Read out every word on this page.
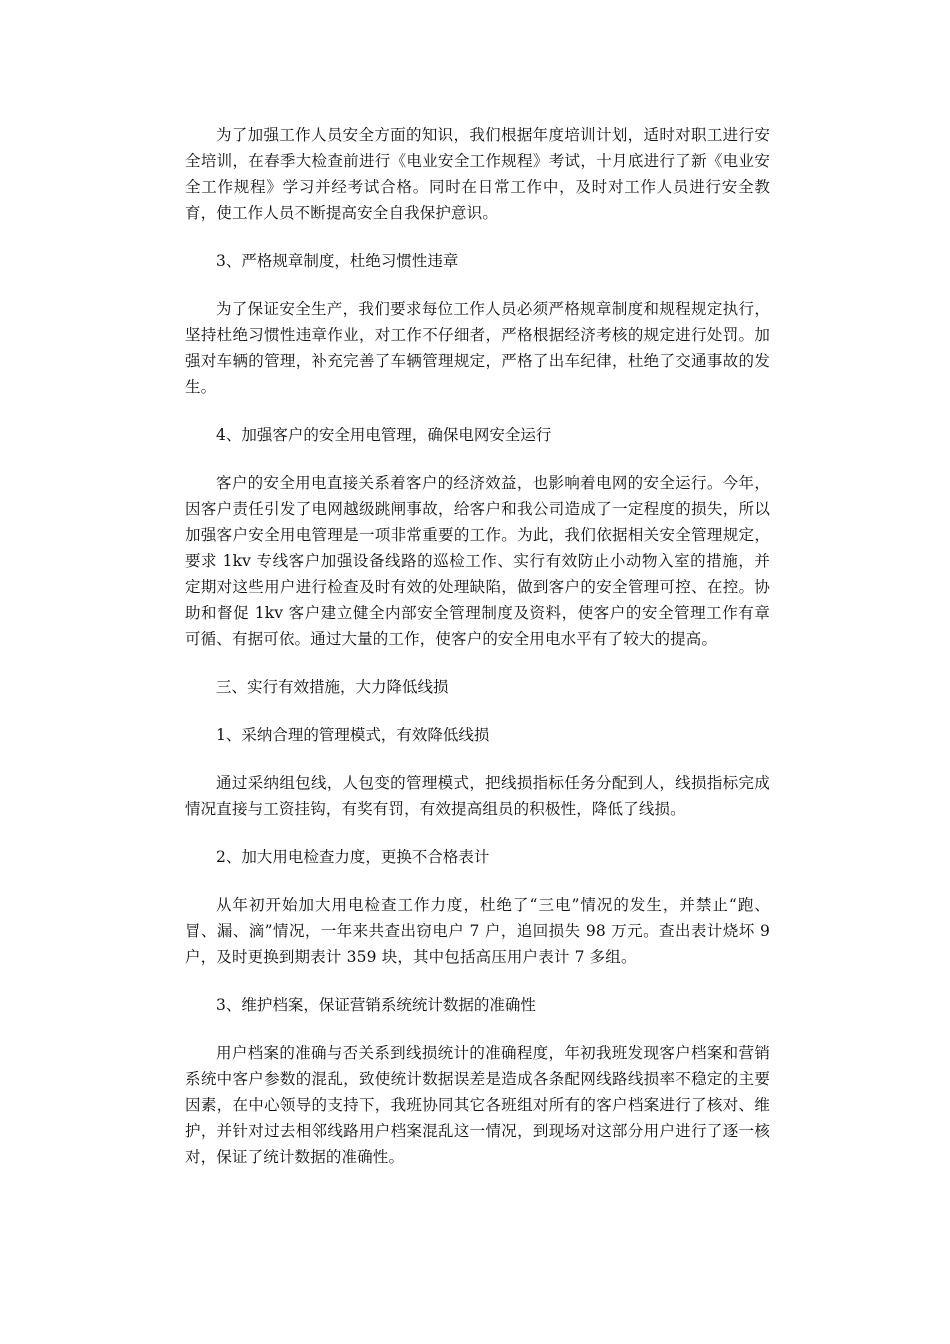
为了加强工作人员安全方面的知识，我们根据年度培训计划，适时对职工进行安全培训，在春季大检查前进行《电业安全工作规程》考试，十月底进行了新《电业安全工作规程》学习并经考试合格。同时在日常工作中，及时对工作人员进行安全教育，使工作人员不断提高安全自我保护意识。

3、严格规章制度，杜绝习惯性违章

为了保证安全生产，我们要求每位工作人员必须严格规章制度和规程规定执行，坚持杜绝习惯性违章作业，对工作不仔细者，严格根据经济考核的规定进行处罚。加强对车辆的管理，补充完善了车辆管理规定，严格了出车纪律，杜绝了交通事故的发生。

4、加强客户的安全用电管理，确保电网安全运行

客户的安全用电直接关系着客户的经济效益，也影响着电网的安全运行。今年，因客户责任引发了电网越级跳闸事故，给客户和我公司造成了一定程度的损失，所以加强客户安全用电管理是一项非常重要的工作。为此，我们依据相关安全管理规定，要求 1kv 专线客户加强设备线路的巡检工作、实行有效防止小动物入室的措施，并定期对这些用户进行检查及时有效的处理缺陷，做到客户的安全管理可控、在控。协助和督促 1kv 客户建立健全内部安全管理制度及资料，使客户的安全管理工作有章可循、有据可依。通过大量的工作，使客户的安全用电水平有了较大的提高。

三、实行有效措施，大力降低线损

1、采纳合理的管理模式，有效降低线损

通过采纳组包线，人包变的管理模式，把线损指标任务分配到人，线损指标完成情况直接与工资挂钩，有奖有罚，有效提高组员的积极性，降低了线损。

2、加大用电检查力度，更换不合格表计

从年初开始加大用电检查工作力度，杜绝了“三电”情况的发生，并禁止“跑、冒、漏、滴”情况，一年来共查出窃电户 7 户，追回损失 98 万元。查出表计烧坏 9 户，及时更换到期表计 359 块，其中包括高压用户表计 7 多组。

3、维护档案，保证营销系统统计数据的准确性

用户档案的准确与否关系到线损统计的准确程度，年初我班发现客户档案和营销系统中客户参数的混乱，致使统计数据误差是造成各条配网线路线损率不稳定的主要因素，在中心领导的支持下，我班协同其它各班组对所有的客户档案进行了核对、维护，并针对过去相邻线路用户档案混乱这一情况，到现场对这部分用户进行了逐一核对，保证了统计数据的准确性。
